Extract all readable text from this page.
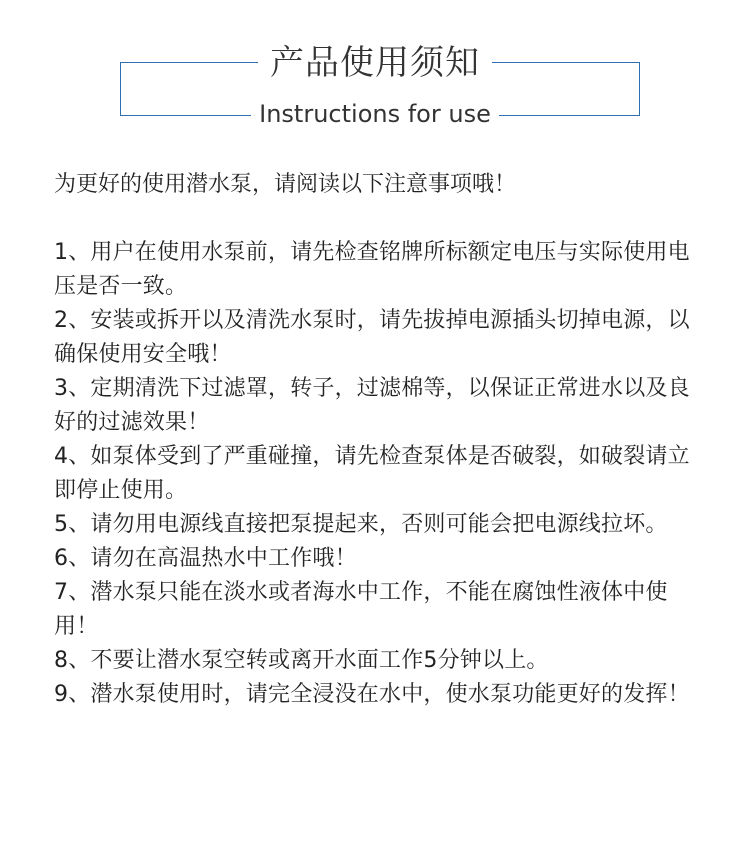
产品使用须知
Instructions for use

为更好的使用潜水泵，请阅读以下注意事项哦！

1、用户在使用水泵前，请先检查铭牌所标额定电压与实际使用电压是否一致。
2、安装或拆开以及清洗水泵时，请先拔掉电源插头切掉电源，以确保使用安全哦！
3、定期清洗下过滤罩，转子，过滤棉等，以保证正常进水以及良好的过滤效果！
4、如泵体受到了严重碰撞，请先检查泵体是否破裂，如破裂请立即停止使用。
5、请勿用电源线直接把泵提起来，否则可能会把电源线拉坏。
6、请勿在高温热水中工作哦！
7、潜水泵只能在淡水或者海水中工作，不能在腐蚀性液体中使用！
8、不要让潜水泵空转或离开水面工作5分钟以上。
9、潜水泵使用时，请完全浸没在水中，使水泵功能更好的发挥！
